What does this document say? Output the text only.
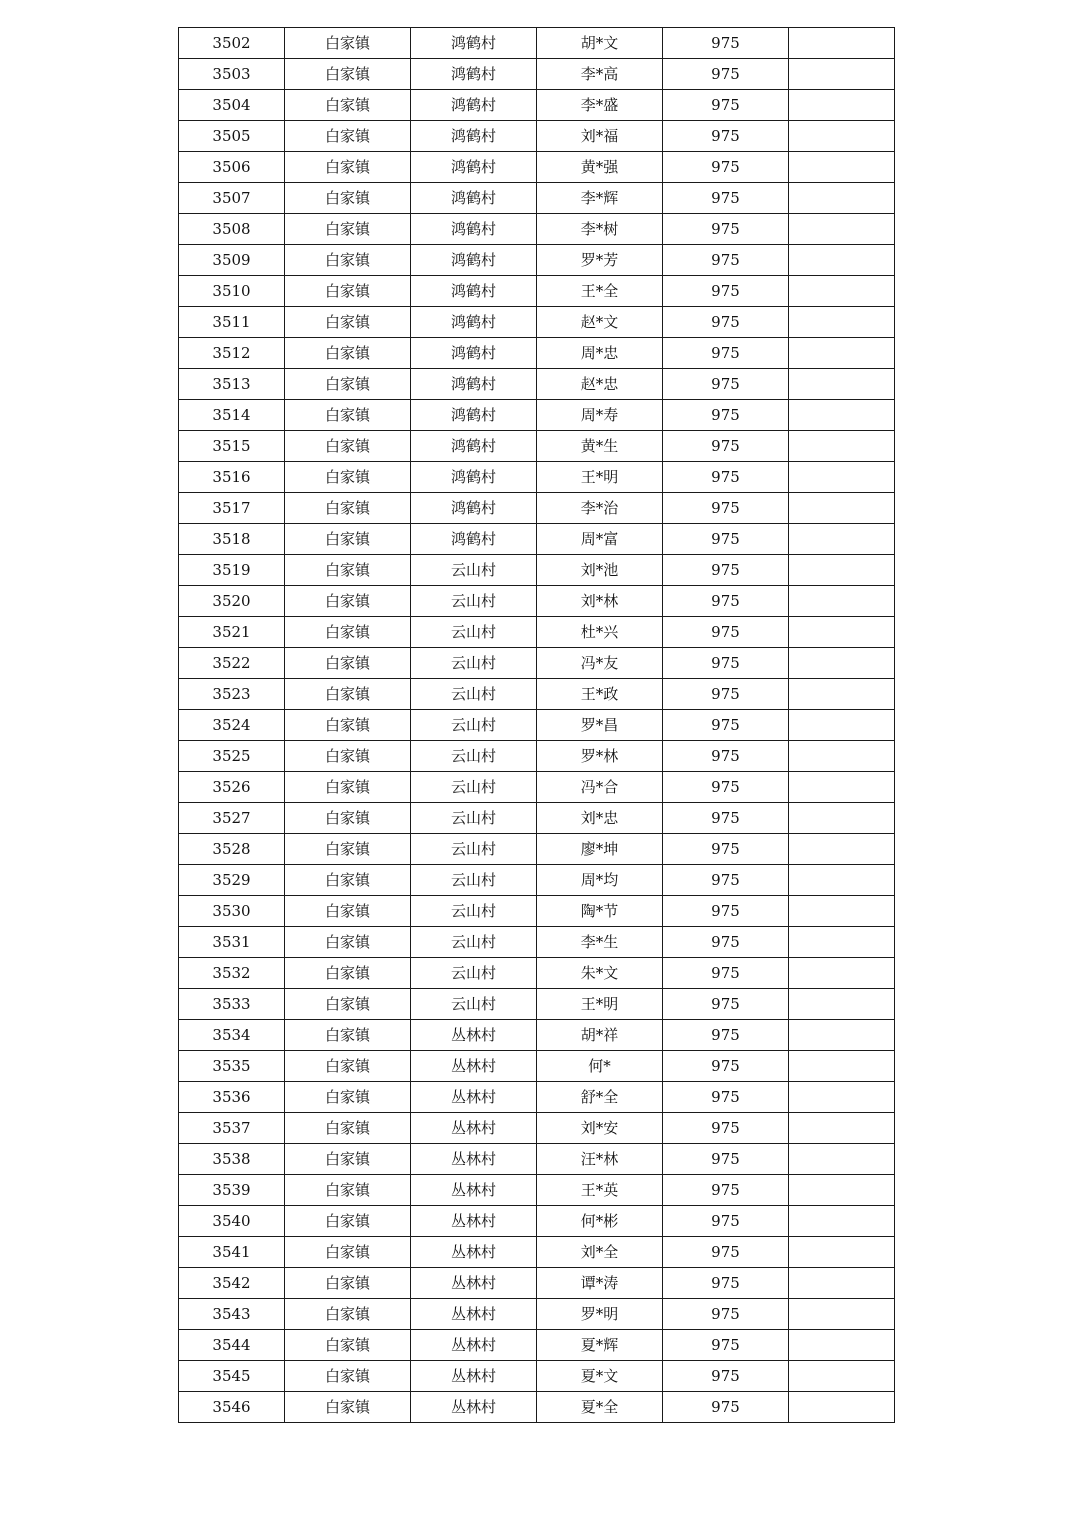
3502	白家镇	鸿鹤村	胡*文	975	
3503	白家镇	鸿鹤村	李*高	975	
3504	白家镇	鸿鹤村	李*盛	975	
3505	白家镇	鸿鹤村	刘*福	975	
3506	白家镇	鸿鹤村	黄*强	975	
3507	白家镇	鸿鹤村	李*辉	975	
3508	白家镇	鸿鹤村	李*树	975	
3509	白家镇	鸿鹤村	罗*芳	975	
3510	白家镇	鸿鹤村	王*全	975	
3511	白家镇	鸿鹤村	赵*文	975	
3512	白家镇	鸿鹤村	周*忠	975	
3513	白家镇	鸿鹤村	赵*忠	975	
3514	白家镇	鸿鹤村	周*寿	975	
3515	白家镇	鸿鹤村	黄*生	975	
3516	白家镇	鸿鹤村	王*明	975	
3517	白家镇	鸿鹤村	李*治	975	
3518	白家镇	鸿鹤村	周*富	975	
3519	白家镇	云山村	刘*池	975	
3520	白家镇	云山村	刘*林	975	
3521	白家镇	云山村	杜*兴	975	
3522	白家镇	云山村	冯*友	975	
3523	白家镇	云山村	王*政	975	
3524	白家镇	云山村	罗*昌	975	
3525	白家镇	云山村	罗*林	975	
3526	白家镇	云山村	冯*合	975	
3527	白家镇	云山村	刘*忠	975	
3528	白家镇	云山村	廖*坤	975	
3529	白家镇	云山村	周*均	975	
3530	白家镇	云山村	陶*节	975	
3531	白家镇	云山村	李*生	975	
3532	白家镇	云山村	朱*文	975	
3533	白家镇	云山村	王*明	975	
3534	白家镇	丛林村	胡*祥	975	
3535	白家镇	丛林村	何*	975	
3536	白家镇	丛林村	舒*全	975	
3537	白家镇	丛林村	刘*安	975	
3538	白家镇	丛林村	汪*林	975	
3539	白家镇	丛林村	王*英	975	
3540	白家镇	丛林村	何*彬	975	
3541	白家镇	丛林村	刘*全	975	
3542	白家镇	丛林村	谭*涛	975	
3543	白家镇	丛林村	罗*明	975	
3544	白家镇	丛林村	夏*辉	975	
3545	白家镇	丛林村	夏*文	975	
3546	白家镇	丛林村	夏*全	975	
